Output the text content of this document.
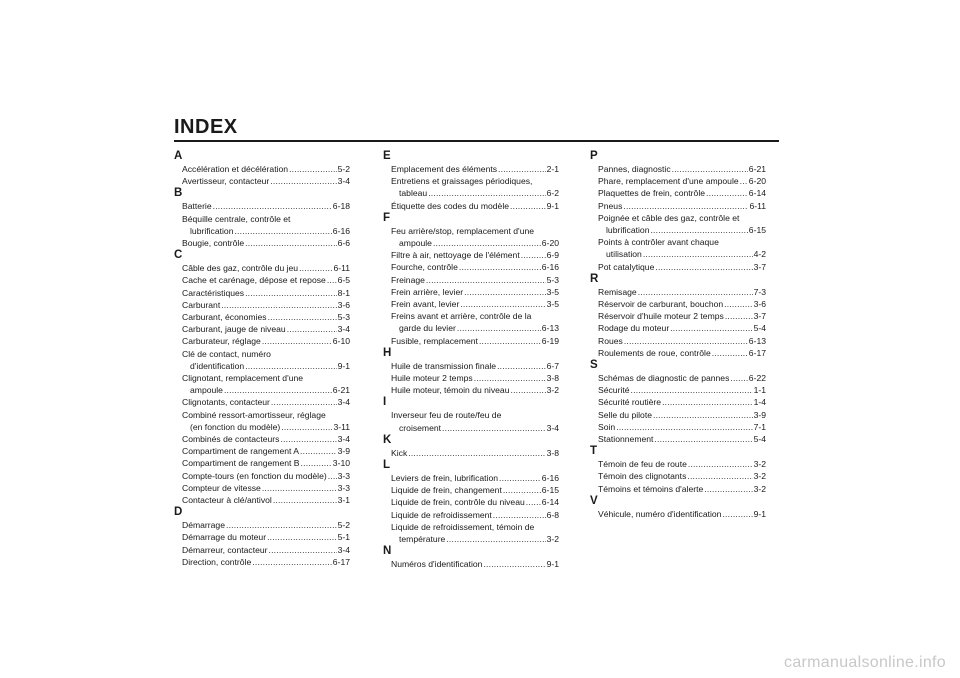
INDEX
A
Accélération et décélération .....	5-2
Avertisseur, contacteur .....	3-4
B
Batterie .....	6-18
Béquille centrale, contrôle et
lubrification .....	6-16
Bougie, contrôle .....	6-6
C
Câble des gaz, contrôle du jeu .....	6-11
Cache et carénage, dépose et repose ..... 6-5
Caractéristiques .....	8-1
Carburant .....	3-6
Carburant, économies .....	5-3
Carburant, jauge de niveau .....	3-4
Carburateur, réglage .....	6-10
Clé de contact, numéro
d'identification .....	9-1
Clignotant, remplacement d'une
ampoule .....	6-21
Clignotants, contacteur .....	3-4
Combiné ressort-amortisseur, réglage
(en fonction du modèle) .....	3-11
Combinés de contacteurs .....	3-4
Compartiment de rangement A .....	3-9
Compartiment de rangement B .....	3-10
Compte-tours (en fonction du modèle) ..... 3-3
Compteur de vitesse .....	3-3
Contacteur à clé/antivol .....	3-1
D
Démarrage .....	5-2
Démarrage du moteur .....	5-1
Démarreur, contacteur .....	3-4
Direction, contrôle .....	6-17
E
Emplacement des éléments .....	2-1
Entretiens et graissages périodiques,
tableau .....	6-2
Étiquette des codes du modèle .....	9-1
F
Feu arrière/stop, remplacement d'une
ampoule .....	6-20
Filtre à air, nettoyage de l'élément .....	6-9
Fourche, contrôle .....	6-16
Freinage .....	5-3
Frein arrière, levier .....	3-5
Frein avant, levier .....	3-5
Freins avant et arrière, contrôle de la
garde du levier .....	6-13
Fusible, remplacement .....	6-19
H
Huile de transmission finale .....	6-7
Huile moteur 2 temps .....	3-8
Huile moteur, témoin du niveau .....	3-2
I
Inverseur feu de route/feu de
croisement .....	3-4
K
Kick .....	3-8
L
Leviers de frein, lubrification .....	6-16
Liquide de frein, changement .....	6-15
Liquide de frein, contrôle du niveau ..... 6-14
Liquide de refroidissement .....	6-8
Liquide de refroidissement, témoin de
température .....	3-2
N
Numéros d'identification .....	9-1
P
Pannes, diagnostic .....	6-21
Phare, remplacement d'une ampoule ..... 6-20
Plaquettes de frein, contrôle .....	6-14
Pneus .....	6-11
Poignée et câble des gaz, contrôle et
lubrification .....	6-15
Points à contrôler avant chaque
utilisation .....	4-2
Pot catalytique .....	3-7
R
Remisage .....	7-3
Réservoir de carburant, bouchon .....	3-6
Réservoir d'huile moteur 2 temps .....	3-7
Rodage du moteur .....	5-4
Roues .....	6-13
Roulements de roue, contrôle .....	6-17
S
Schémas de diagnostic de pannes ..... 6-22
Sécurité .....	1-1
Sécurité routière .....	1-4
Selle du pilote .....	3-9
Soin .....	7-1
Stationnement .....	5-4
T
Témoin de feu de route .....	3-2
Témoin des clignotants .....	3-2
Témoins et témoins d'alerte .....	3-2
V
Véhicule, numéro d'identification .....	9-1
carmanualsonline.info
